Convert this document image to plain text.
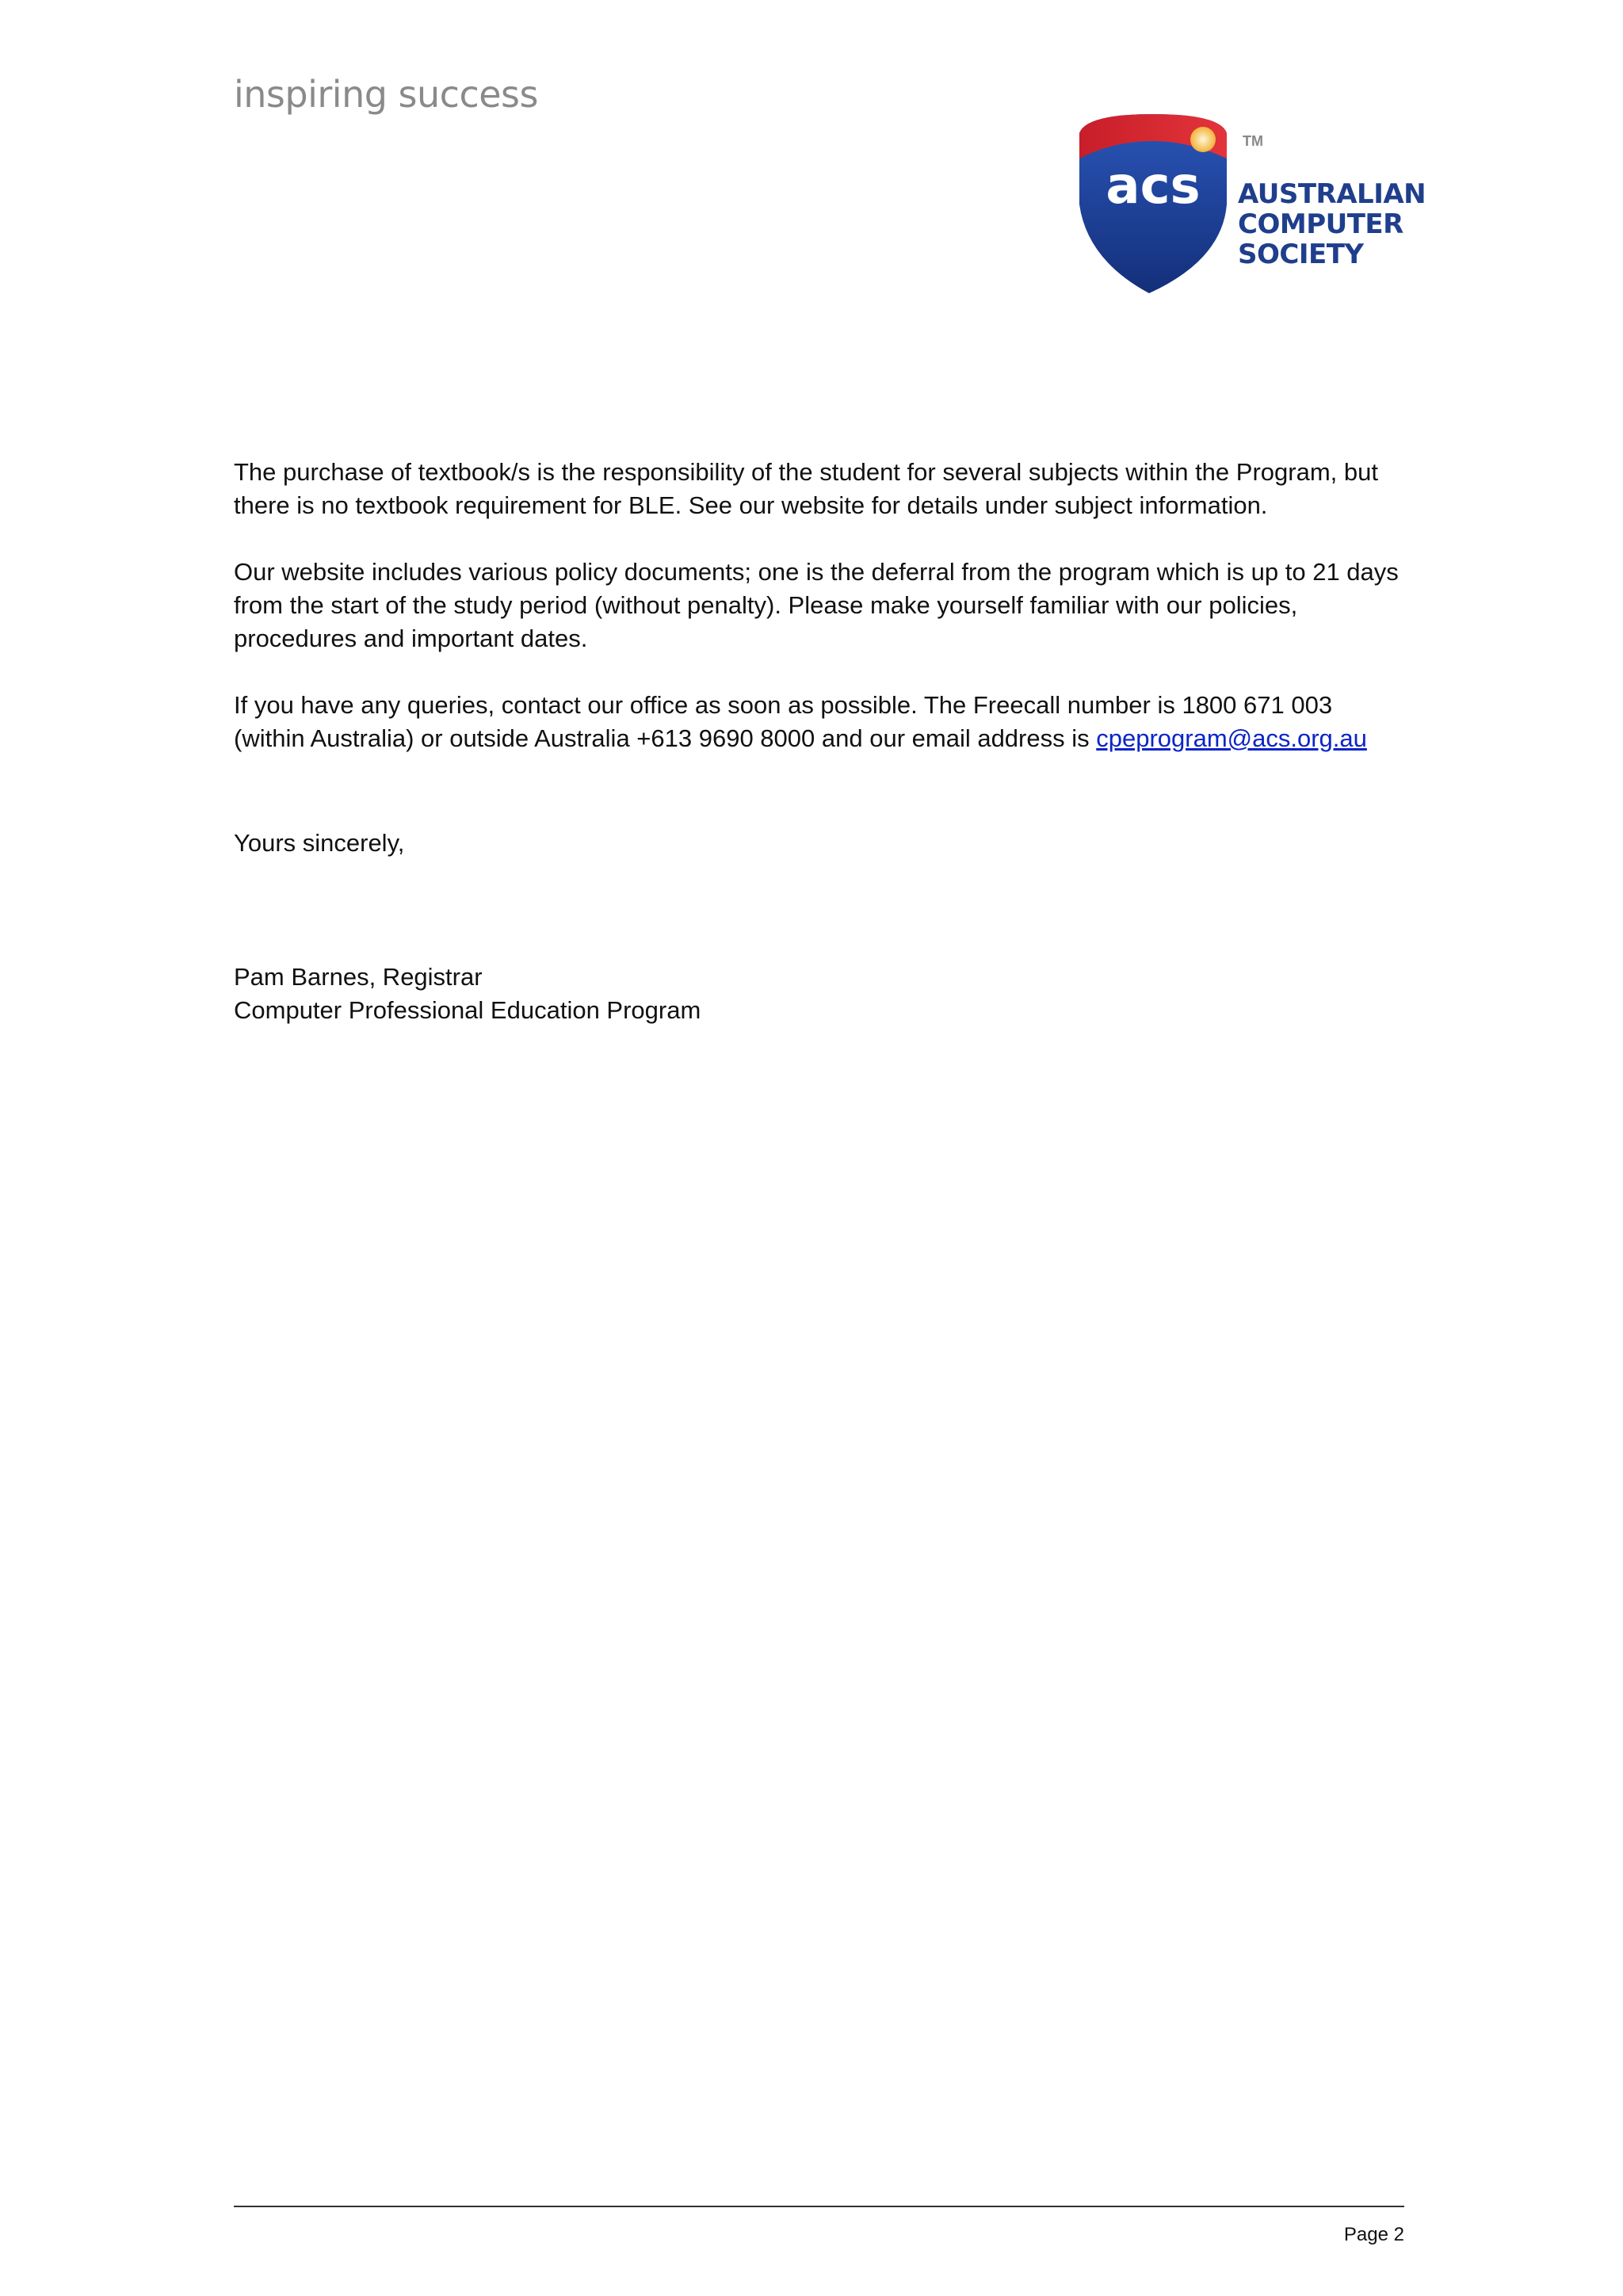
inspiring success
acs
TM
AUSTRALIAN
COMPUTER
SOCIETY

The purchase of textbook/s is the responsibility of the student for several subjects within the Program, but there is no textbook requirement for BLE. See our website for details under subject information.

Our website includes various policy documents; one is the deferral from the program which is up to 21 days from the start of the study period (without penalty). Please make yourself familiar with our policies, procedures and important dates.

If you have any queries, contact our office as soon as possible. The Freecall number is 1800 671 003 (within Australia) or outside Australia +613 9690 8000 and our email address is cpeprogram@acs.org.au

Yours sincerely,
Pam Barnes, Registrar
Computer Professional Education Program
Page 2
